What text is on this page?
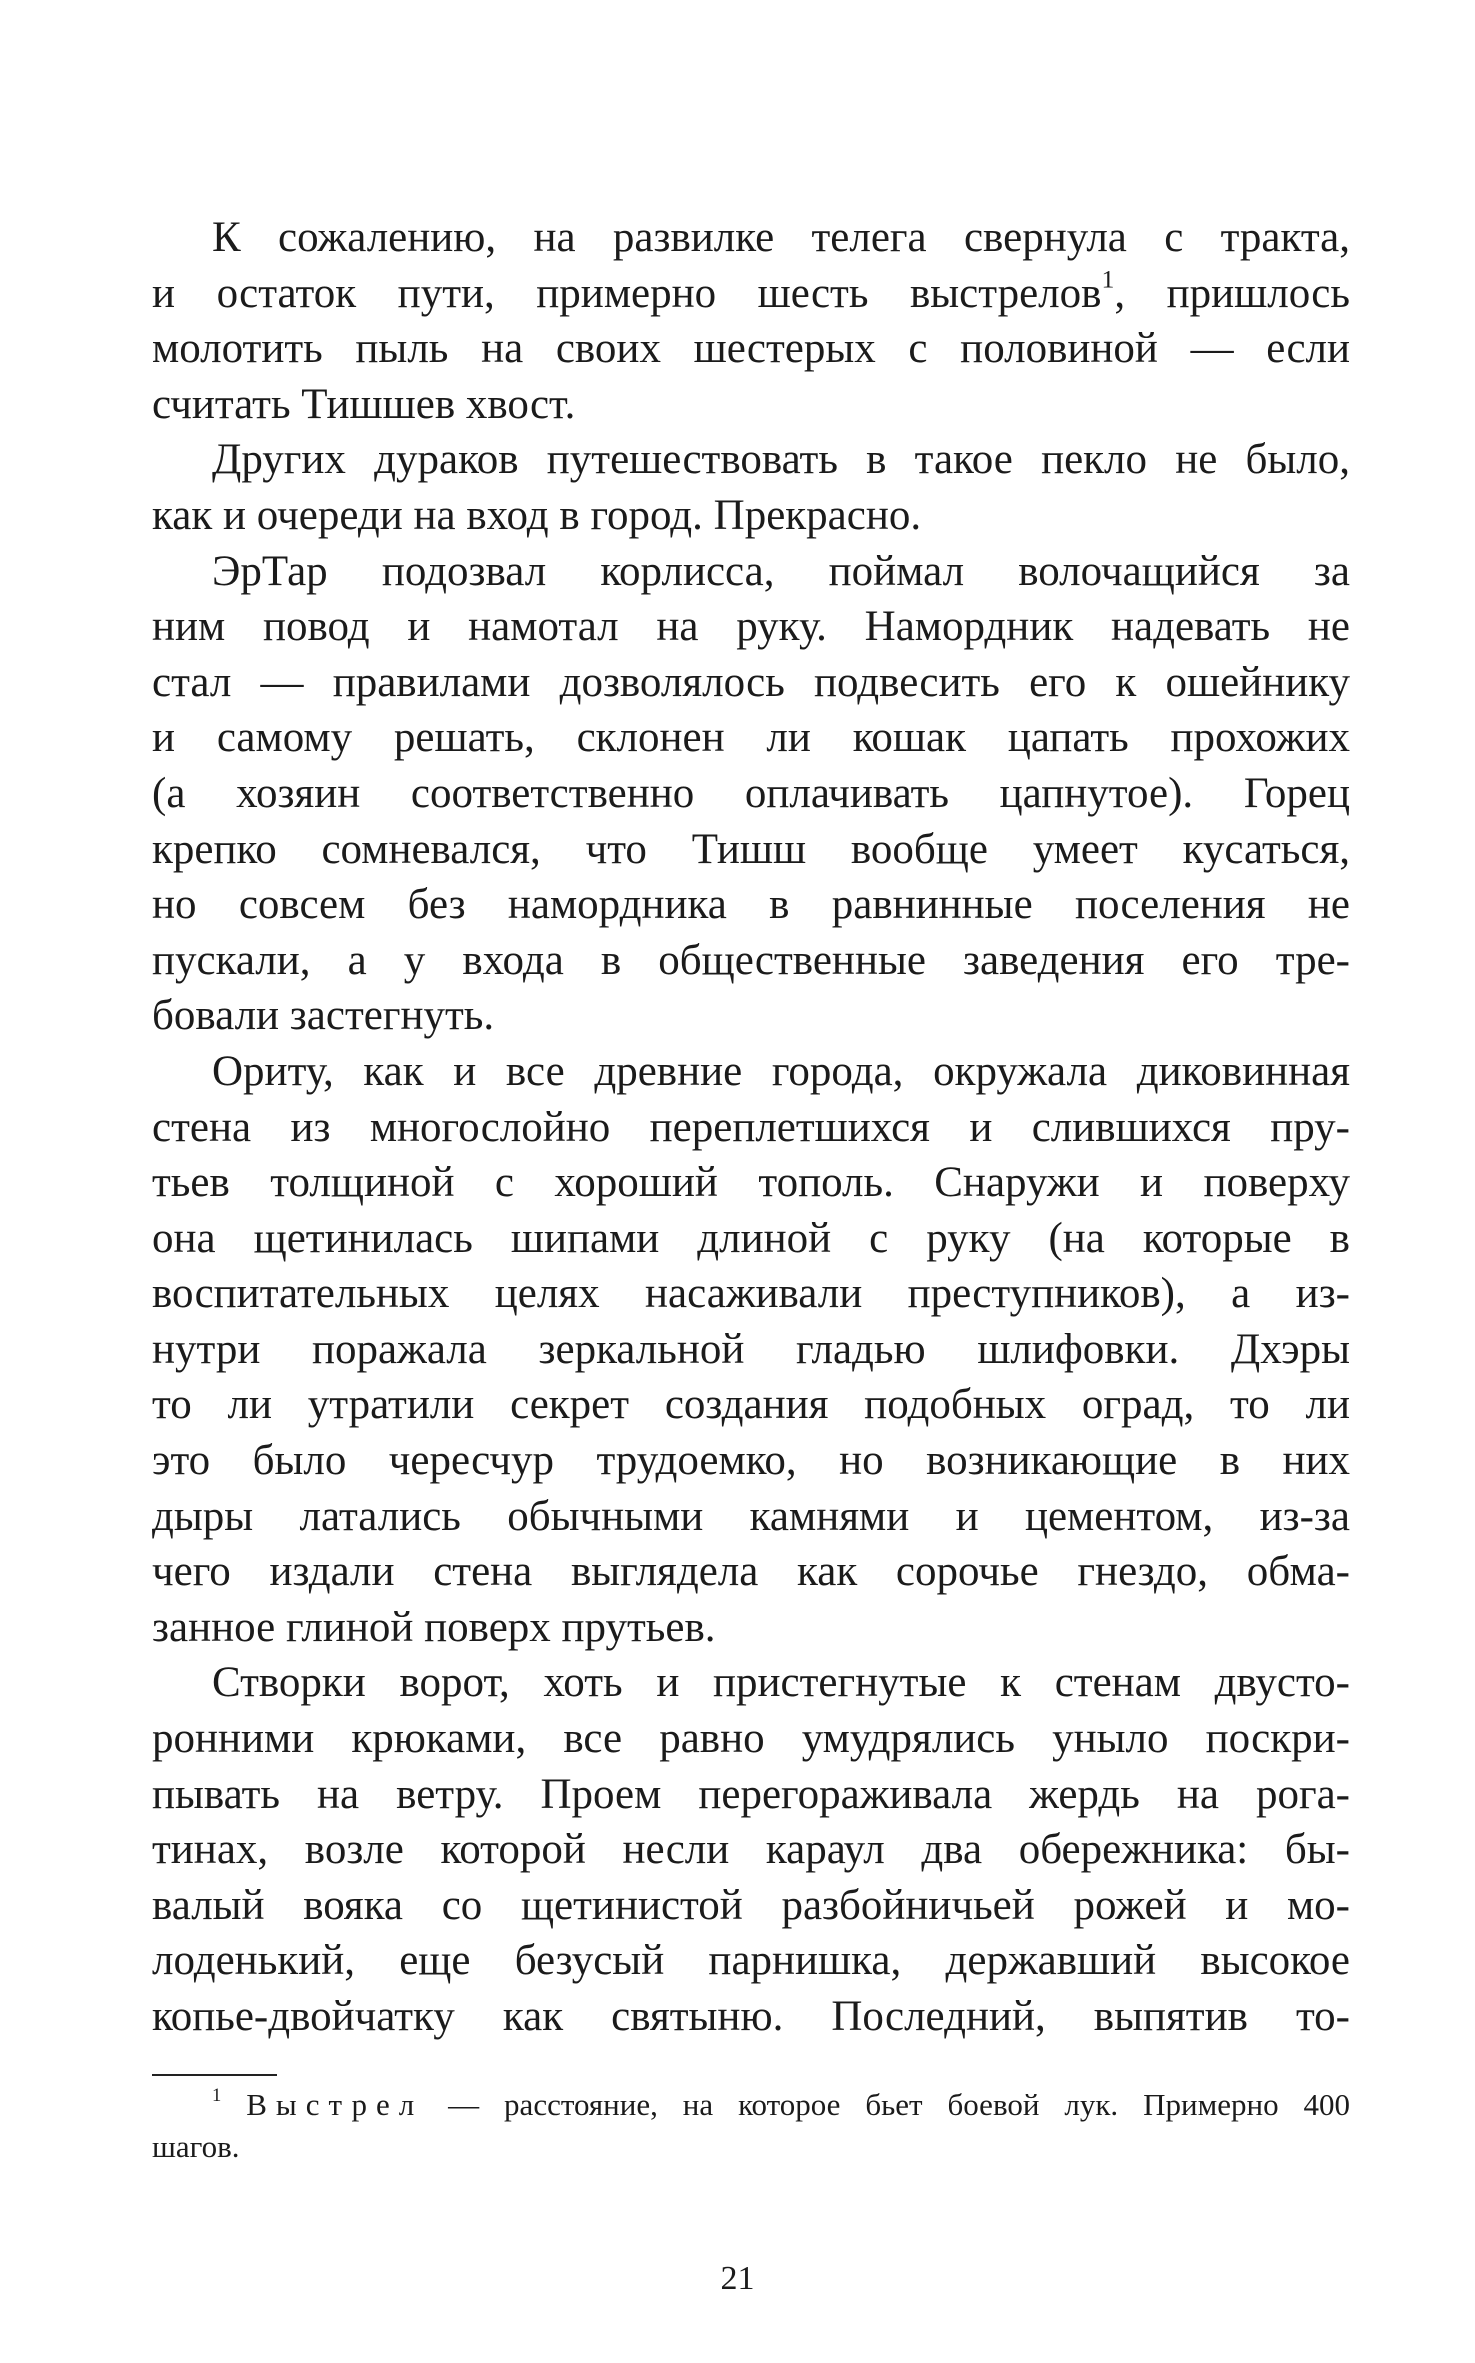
К сожалению, на развилке телега свернула с тракта,
и остаток пути, примерно шесть выстрелов$^1$, пришлось
молотить пыль на своих шестерых с половиной — если
считать Тишшев хвост.
Других дураков путешествовать в такое пекло не было,
как и очереди на вход в город. Прекрасно.
ЭрТар подозвал корлисса, поймал волочащийся за
ним повод и намотал на руку. Намордник надевать не
стал — правилами дозволялось подвесить его к ошейнику
и самому решать, склонен ли кошак цапать прохожих
(а хозяин соответственно оплачивать цапнутое). Горец
крепко сомневался, что Тишш вообще умеет кусаться,
но совсем без намордника в равнинные поселения не
пускали, а у входа в общественные заведения его тре-
бовали застегнуть.
Ориту, как и все древние города, окружала диковинная
стена из многослойно переплетшихся и слившихся пру-
тьев толщиной с хороший тополь. Снаружи и поверху
она щетинилась шипами длиной с руку (на которые в
воспитательных целях насаживали преступников), а из-
нутри поражала зеркальной гладью шлифовки. Дхэры
то ли утратили секрет создания подобных оград, то ли
это было чересчур трудоемко, но возникающие в них
дыры латались обычными камнями и цементом, из-за
чего издали стена выглядела как сорочье гнездо, обма-
занное глиной поверх прутьев.
Створки ворот, хоть и пристегнутые к стенам двусто-
ронними крюками, все равно умудрялись уныло поскри-
пывать на ветру. Проем перегораживала жердь на рога-
тинах, возле которой несли караул два обережника: бы-
валый вояка со щетинистой разбойничьей рожей и мо-
лоденький, еще безусый парнишка, державший высокое
копье-двойчатку как святыню. Последний, выпятив то-
$^1$ Выстрел — расстояние, на которое бьет боевой лук. Примерно 400
шагов.
21
